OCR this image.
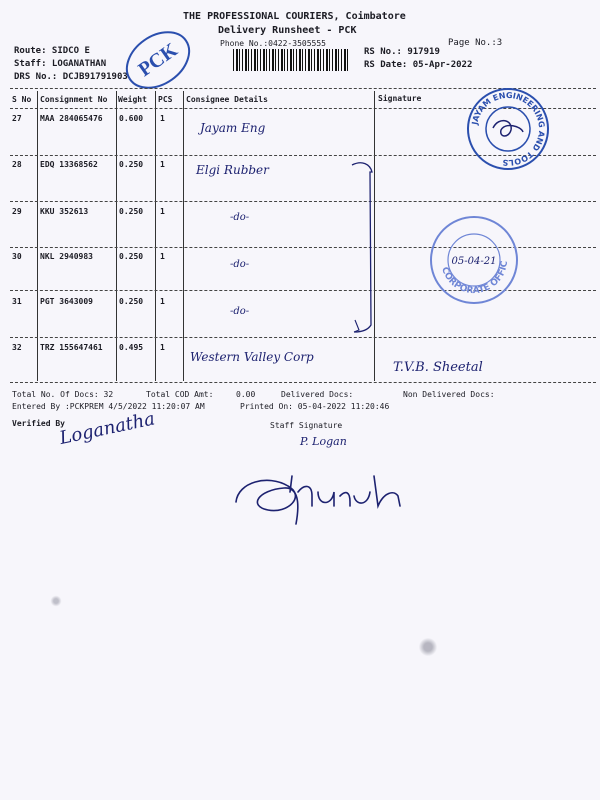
THE PROFESSIONAL COURIERS, Coimbatore
Delivery Runsheet - PCK
Phone No.:0422-3505555	Page No.:3
Route: SIDCO E
Staff: LOGANATHAN
DRS No.: DCJB91791903
RS No.: 917919
RS Date: 05-Apr-2022
PCK
S No Consignment No Weight PCS Consignee Details	Signature
27 MAA 284065476 0.600 1
Jayam Eng
28 EDQ 13368562	0.250 1	Elgi Rubber
29 KKU 352613	0.250 1
-do-
30 NKL 2940983	0.250 1
-do-
31 PGT 3643009	0.250 1
-do-
32 TRZ 155647461 0.495 1
Western Valley Corp
T.V.B. Sheetal
JAYAM ENGINEERING AND TOOLS
CORPORATE OFFICE
05-04-21
Total No. Of Docs: 32	Total COD Amt:	0.00	Delivered Docs:	Non Delivered Docs:
Entered By :PCKPREM 4/5/2022 11:20:07 AM	Printed On: 05-04-2022 11:20:46
Verified By	Staff Signature
Loganatha	P. Logan
